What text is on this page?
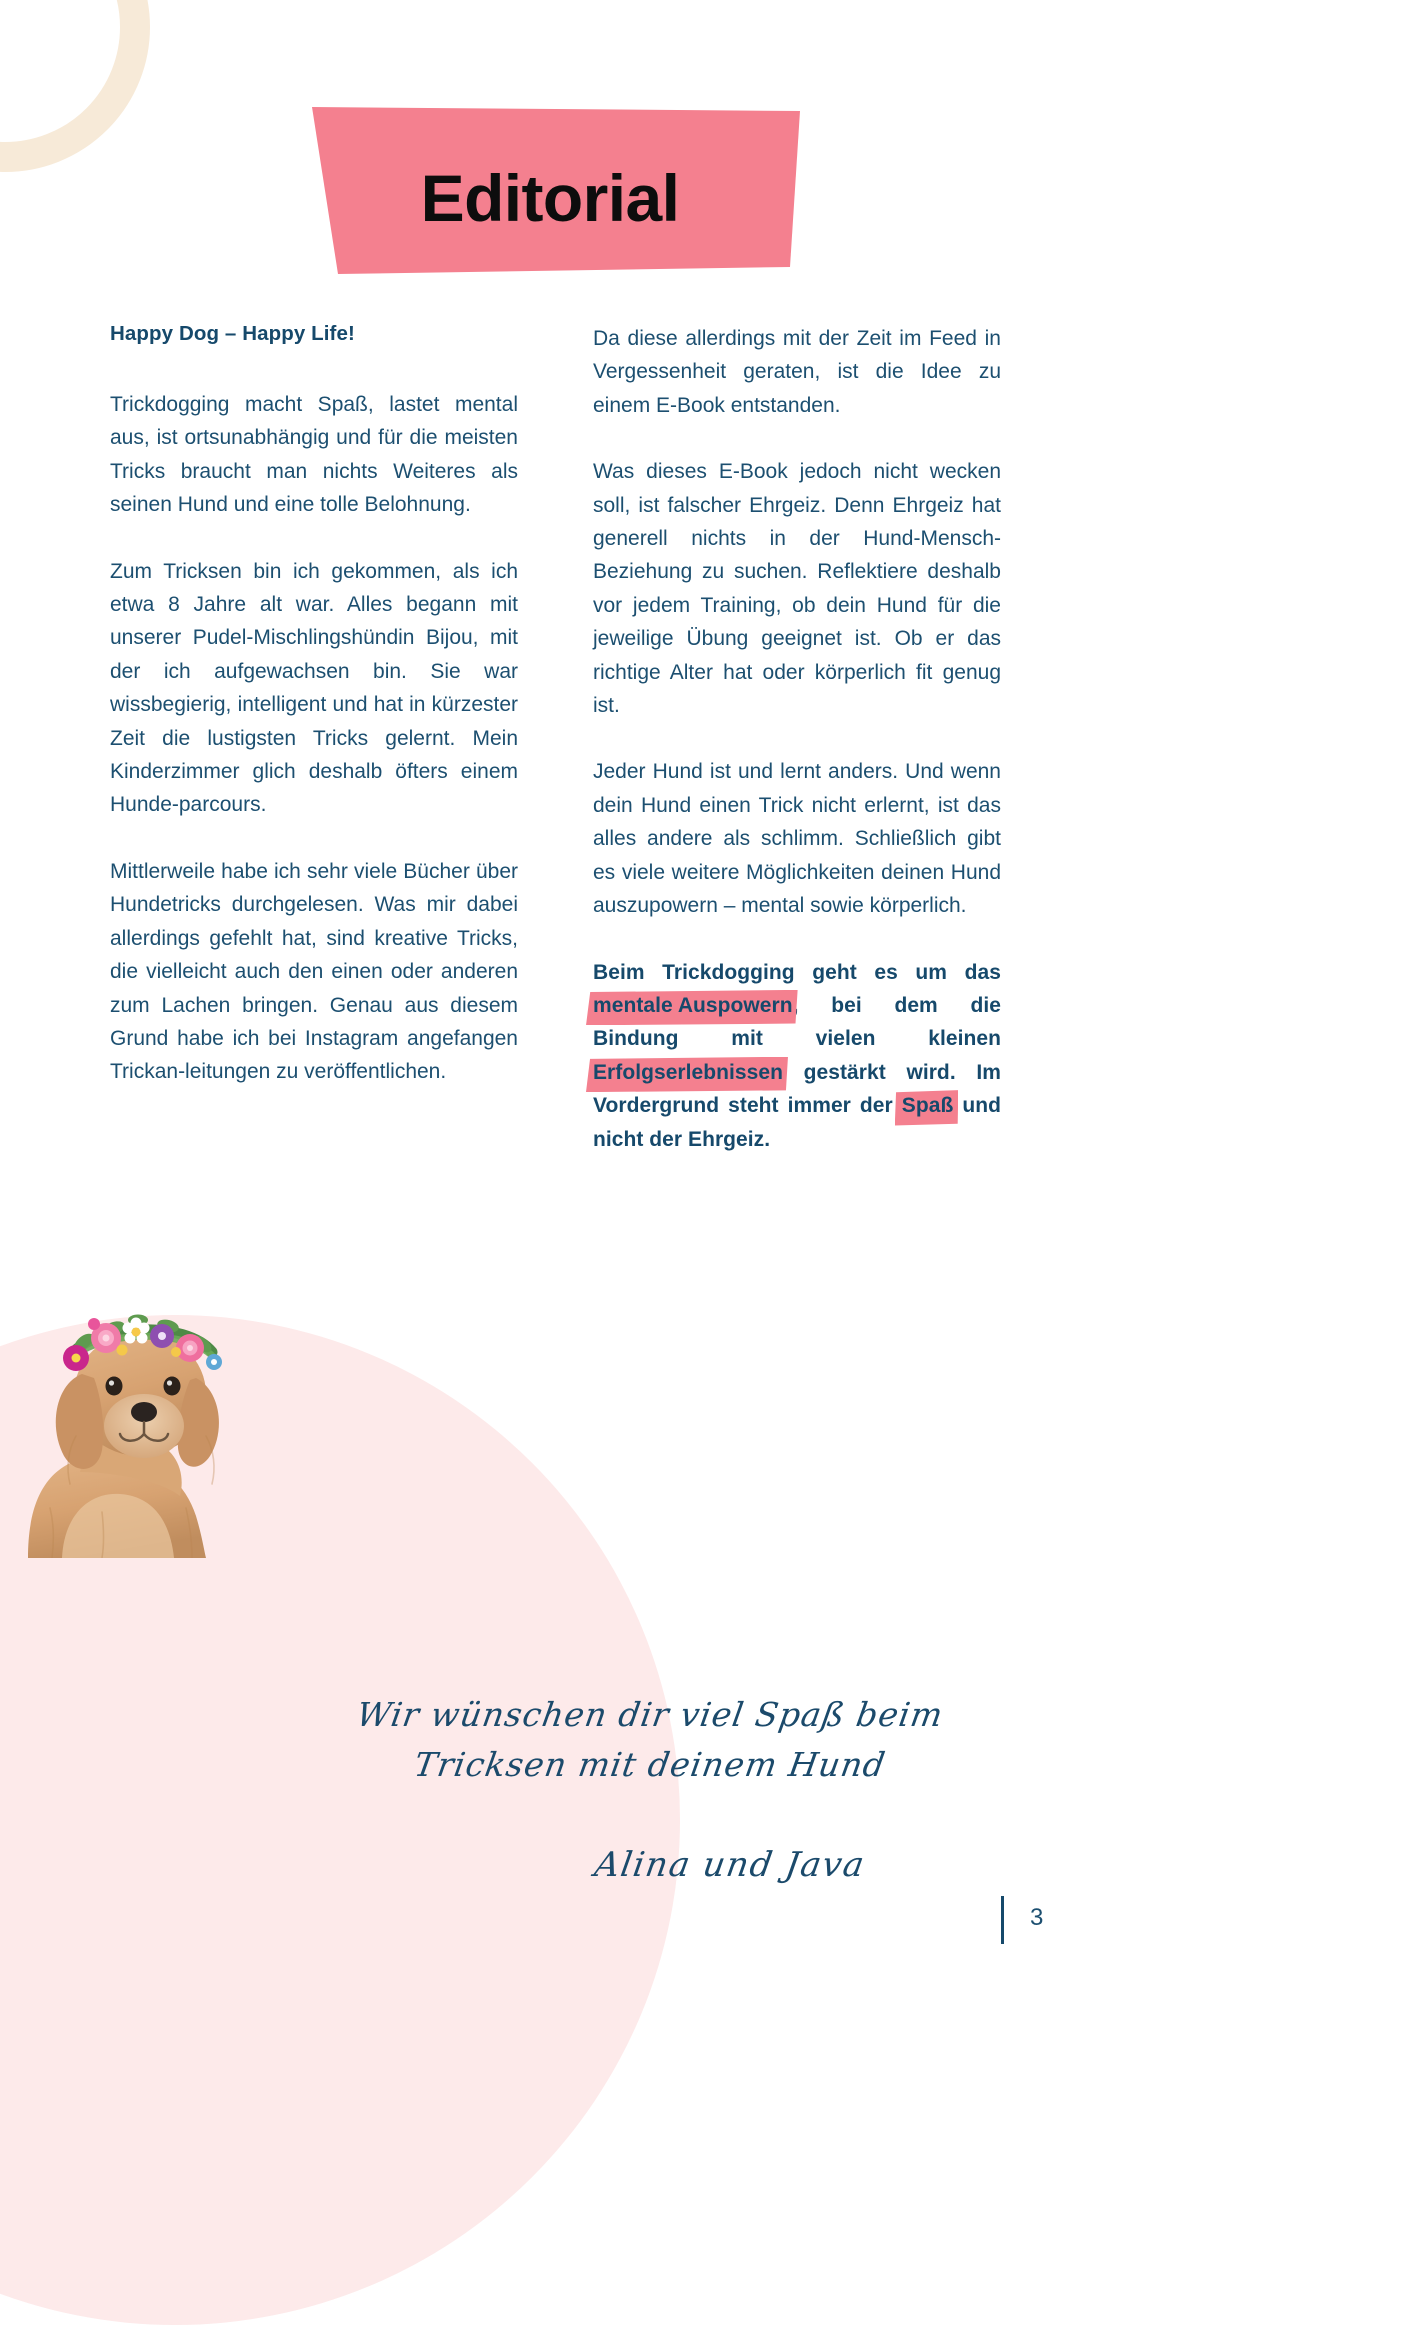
Editorial
Happy Dog – Happy Life!

Trickdogging macht Spaß, lastet mental aus, ist ortsunabhängig und für die meisten Tricks braucht man nichts Weiteres als seinen Hund und eine tolle Belohnung.

Zum Tricksen bin ich gekommen, als ich etwa 8 Jahre alt war. Alles begann mit unserer Pudel-Mischlingshündin Bijou, mit der ich aufgewachsen bin. Sie war wissbegierig, intelligent und hat in kürzester Zeit die lustigsten Tricks gelernt. Mein Kinderzimmer glich deshalb öfters einem Hunde-parcours.

Mittlerweile habe ich sehr viele Bücher über Hundetricks durchgelesen. Was mir dabei allerdings gefehlt hat, sind kreative Tricks, die vielleicht auch den einen oder anderen zum Lachen bringen. Genau aus diesem Grund habe ich bei Instagram angefangen Trickan-leitungen zu veröffentlichen.

Da diese allerdings mit der Zeit im Feed in Vergessenheit geraten, ist die Idee zu einem E-Book entstanden.

Was dieses E-Book jedoch nicht wecken soll, ist falscher Ehrgeiz. Denn Ehrgeiz hat generell nichts in der Hund-Mensch-Beziehung zu suchen. Reflektiere deshalb vor jedem Training, ob dein Hund für die jeweilige Übung geeignet ist. Ob er das richtige Alter hat oder körperlich fit genug ist.

Jeder Hund ist und lernt anders. Und wenn dein Hund einen Trick nicht erlernt, ist das alles andere als schlimm. Schließlich gibt es viele weitere Möglichkeiten deinen Hund auszupowern – mental sowie körperlich.

Beim Trickdogging geht es um das mentale Auspowern, bei dem die Bindung mit vielen kleinen Erfolgserlebnissen gestärkt wird. Im Vordergrund steht immer der Spaß und nicht der Ehrgeiz.

Wir wünschen dir viel Spaß beim
Tricksen mit deinem Hund
Alina und Java
3
